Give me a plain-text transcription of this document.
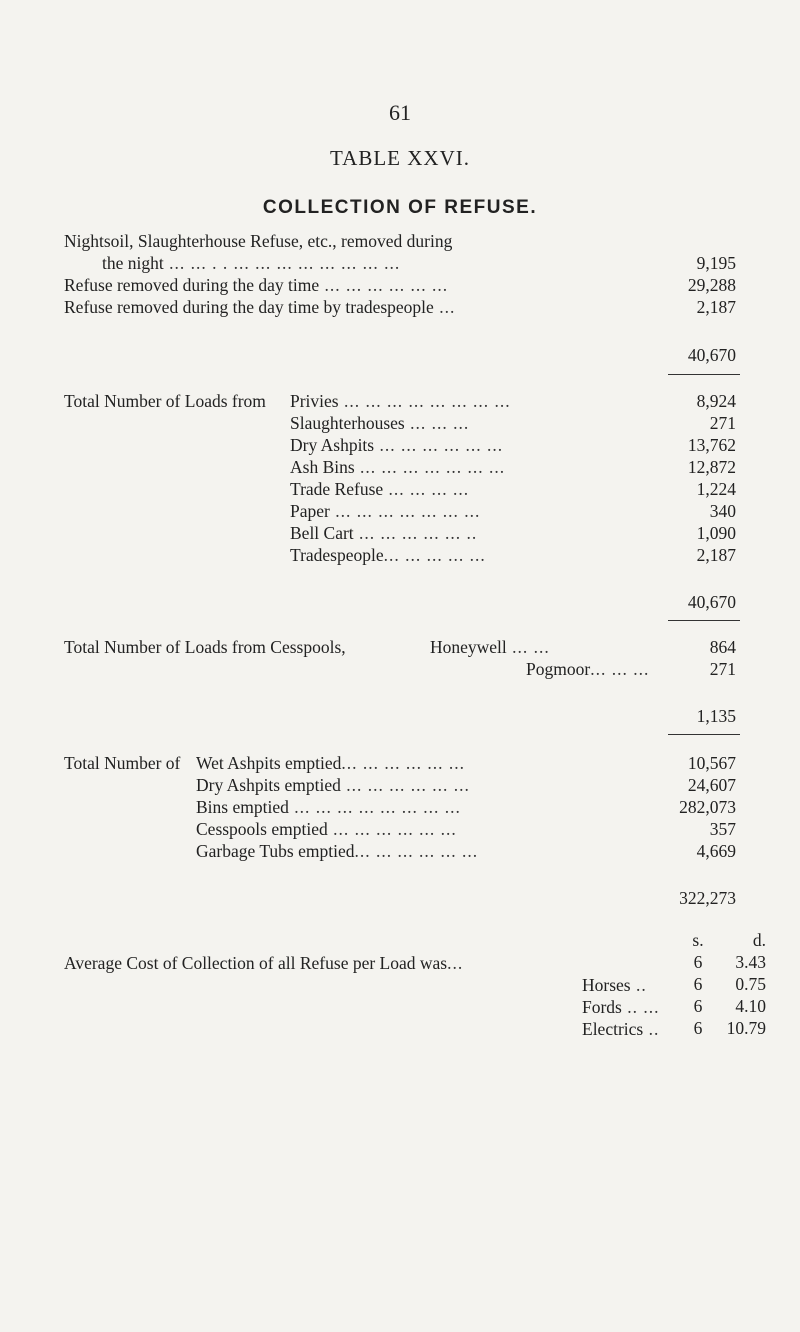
61
TABLE XXVI.
COLLECTION OF REFUSE.
Nightsoil, Slaughterhouse Refuse, etc., removed during
the night ... ... . . ... ... ... ... ... ... ... ...	9,195
Refuse removed during the day time ... ... ... ... ... ...	29,288
Refuse removed during the day time by tradespeople ...	2,187
40,670
Total Number of Loads from Privies ... ... ... ... ... ... ... ...	8,924
Slaughterhouses ... ... ...	271
Dry Ashpits ... ... ... ... ... ...	13,762
Ash Bins ... ... ... ... ... ... ...	12,872
Trade Refuse ... ... ... ...	1,224
Paper ... ... ... ... ... ... ...	340
Bell Cart ... ... ... ... ... ..	1,090
Tradespeople... ... ... ... ...	2,187
40,670
Total Number of Loads from Cesspools,	Honeywell ... ...	864
Pogmoor... ... ...	271
1,135
Total Number of Wet Ashpits emptied... ... ... ... ... ...	10,567
Dry Ashpits emptied ... ... ... ... ... ...	24,607
Bins emptied ... ... ... ... ... ... ... ...	282,073
Cesspools emptied ... ... ... ... ... ...	357
Garbage Tubs emptied... ... ... ... ... ...	4,669
322,273
s.	d.
Average Cost of Collection of all Refuse per Load was...	6	3.43
Horses ..	6	0.75
Fords .. ...	6	4.10
Electrics ..	6	10.79
